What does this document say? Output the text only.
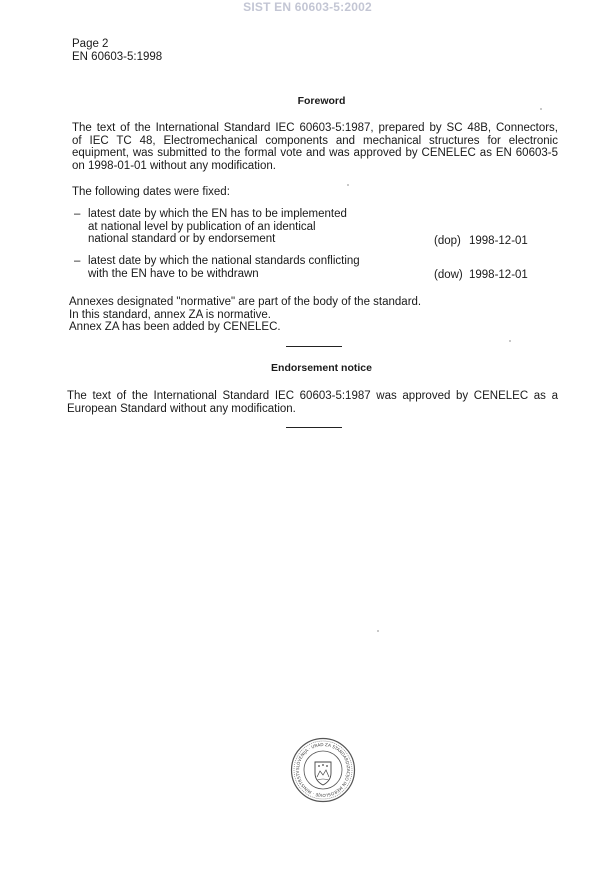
SIST EN 60603-5:2002
Page 2
EN 60603-5:1998
Foreword
The text of the International Standard IEC 60603-5:1987, prepared by SC 48B, Connectors,
of IEC TC 48, Electromechanical components and mechanical structures for electronic
equipment, was submitted to the formal vote and was approved by CENELEC as EN 60603-5
on 1998-01-01 without any modification.
The following dates were fixed:
– latest date by which the EN has to be implemented
at national level by publication of an identical
national standard or by endorsement	(dop) 1998-12-01
– latest date by which the national standards conflicting
with the EN have to be withdrawn	(dow) 1998-12-01
Annexes designated "normative" are part of the body of the standard.
In this standard, annex ZA is normative.
Annex ZA has been added by CENELEC.
Endorsement notice
The text of the International Standard IEC 60603-5:1987 was approved by CENELEC as a
European Standard without any modification.
SLOVENIJA · URAD ZA STANDARDIZACIJO IN MEROSLOVJE · MINISTRSTV
